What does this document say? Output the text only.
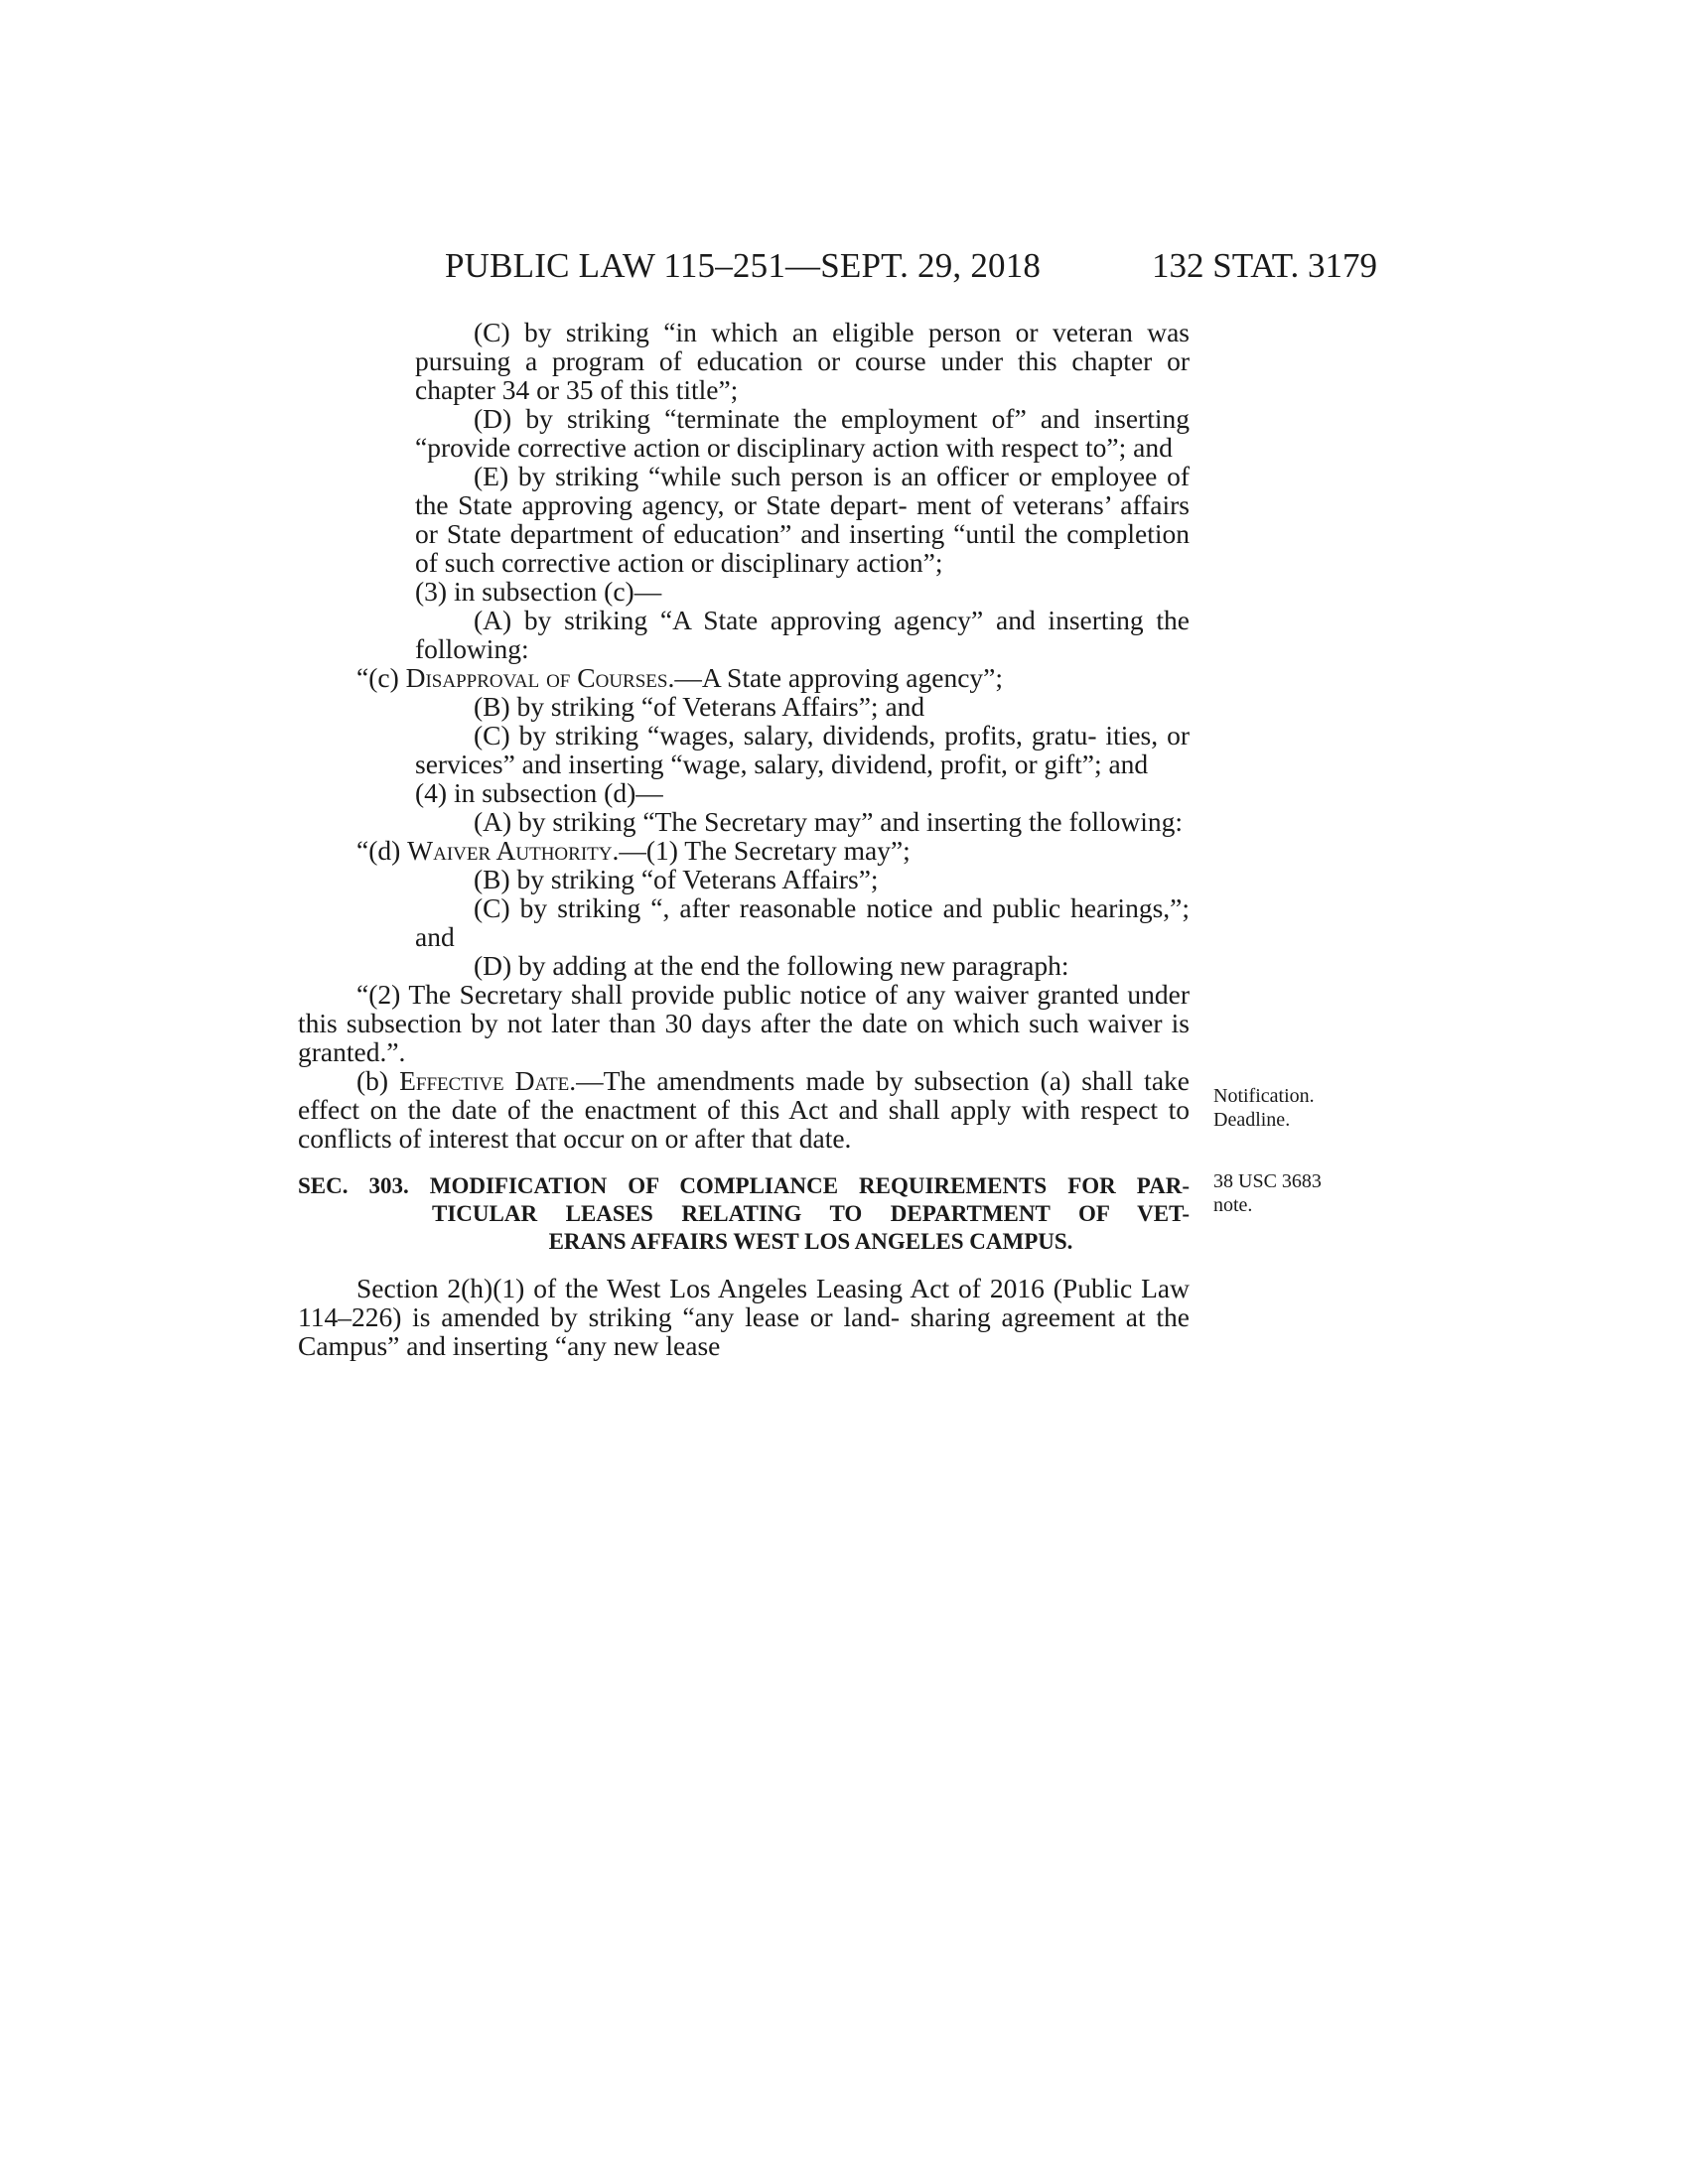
PUBLIC LAW 115–251—SEPT. 29, 2018	132 STAT. 3179

(C) by striking “in which an eligible person or veteran was pursuing a program of education or course under this chapter or chapter 34 or 35 of this title”;

(D) by striking “terminate the employment of” and inserting “provide corrective action or disciplinary action with respect to”; and

(E) by striking “while such person is an officer or employee of the State approving agency, or State depart- ment of veterans’ affairs or State department of education” and inserting “until the completion of such corrective action or disciplinary action”;

(3) in subsection (c)—

(A) by striking “A State approving agency” and inserting the following:

“(c) Disapproval of Courses.—A State approving agency”;

(B) by striking “of Veterans Affairs”; and

(C) by striking “wages, salary, dividends, profits, gratu- ities, or services” and inserting “wage, salary, dividend, profit, or gift”; and

(4) in subsection (d)—

(A) by striking “The Secretary may” and inserting the following:

“(d) Waiver Authority.—(1) The Secretary may”;

(B) by striking “of Veterans Affairs”;

(C) by striking “, after reasonable notice and public hearings,”; and

(D) by adding at the end the following new paragraph:

“(2) The Secretary shall provide public notice of any waiver granted under this subsection by not later than 30 days after the date on which such waiver is granted.”.

(b) Effective Date.—The amendments made by subsection (a) shall take effect on the date of the enactment of this Act and shall apply with respect to conflicts of interest that occur on or after that date.

SEC. 303. MODIFICATION OF COMPLIANCE REQUIREMENTS FOR PAR-
TICULAR LEASES RELATING TO DEPARTMENT OF VET-
ERANS AFFAIRS WEST LOS ANGELES CAMPUS.

Section 2(h)(1) of the West Los Angeles Leasing Act of 2016 (Public Law 114–226) is amended by striking “any lease or land- sharing agreement at the Campus” and inserting “any new lease

Notification.
Deadline.
38 USC 3683
note.
